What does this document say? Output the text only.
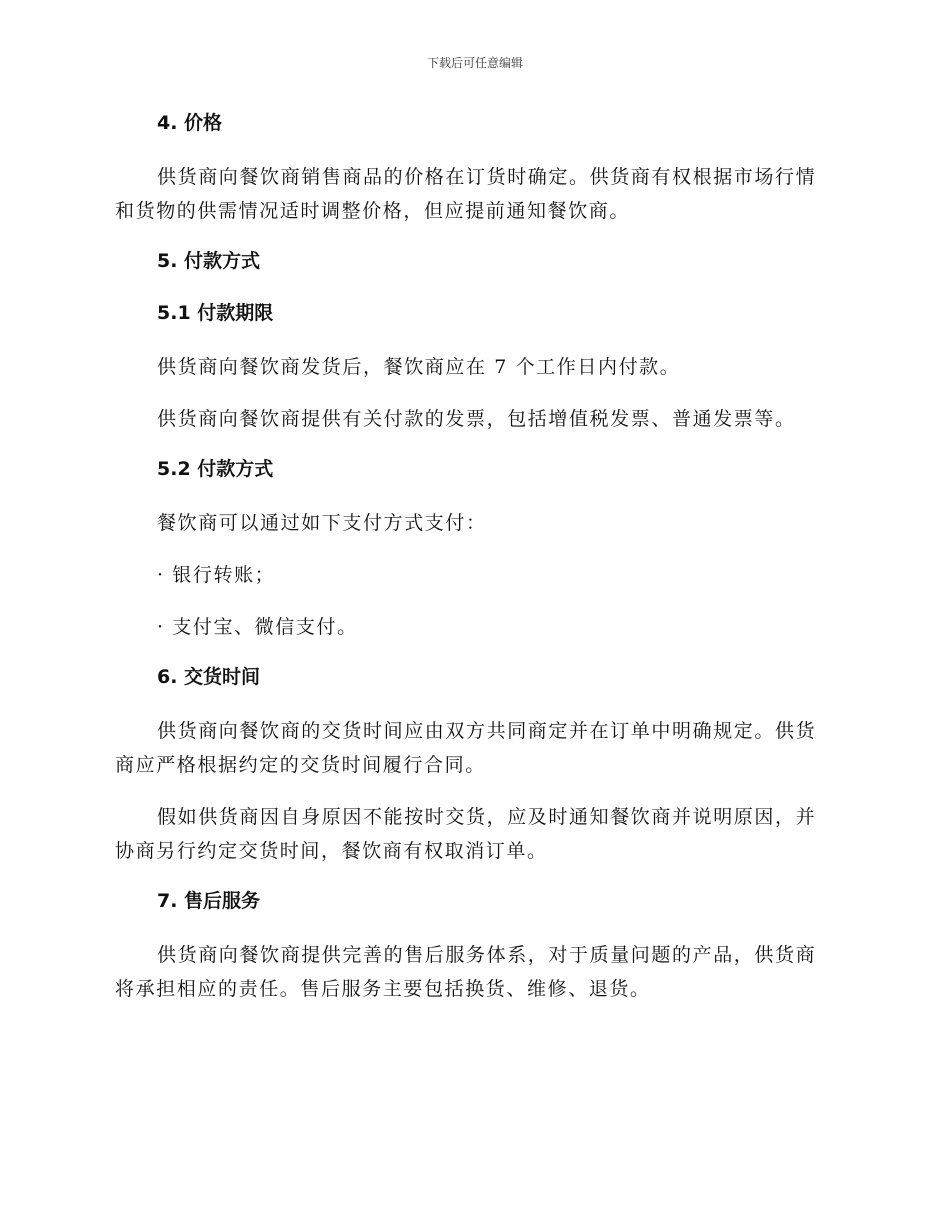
下载后可任意编辑
4. 价格

供货商向餐饮商销售商品的价格在订货时确定。供货商有权根据市场行情和货物的供需情况适时调整价格，但应提前通知餐饮商。

5. 付款方式
5.1 付款期限

供货商向餐饮商发货后，餐饮商应在 7 个工作日内付款。

供货商向餐饮商提供有关付款的发票，包括增值税发票、普通发票等。

5.2 付款方式

餐饮商可以通过如下支付方式支付：

· 银行转账；

· 支付宝、微信支付。

6. 交货时间

供货商向餐饮商的交货时间应由双方共同商定并在订单中明确规定。供货商应严格根据约定的交货时间履行合同。

假如供货商因自身原因不能按时交货，应及时通知餐饮商并说明原因，并协商另行约定交货时间，餐饮商有权取消订单。

7. 售后服务

供货商向餐饮商提供完善的售后服务体系，对于质量问题的产品，供货商将承担相应的责任。售后服务主要包括换货、维修、退货。
